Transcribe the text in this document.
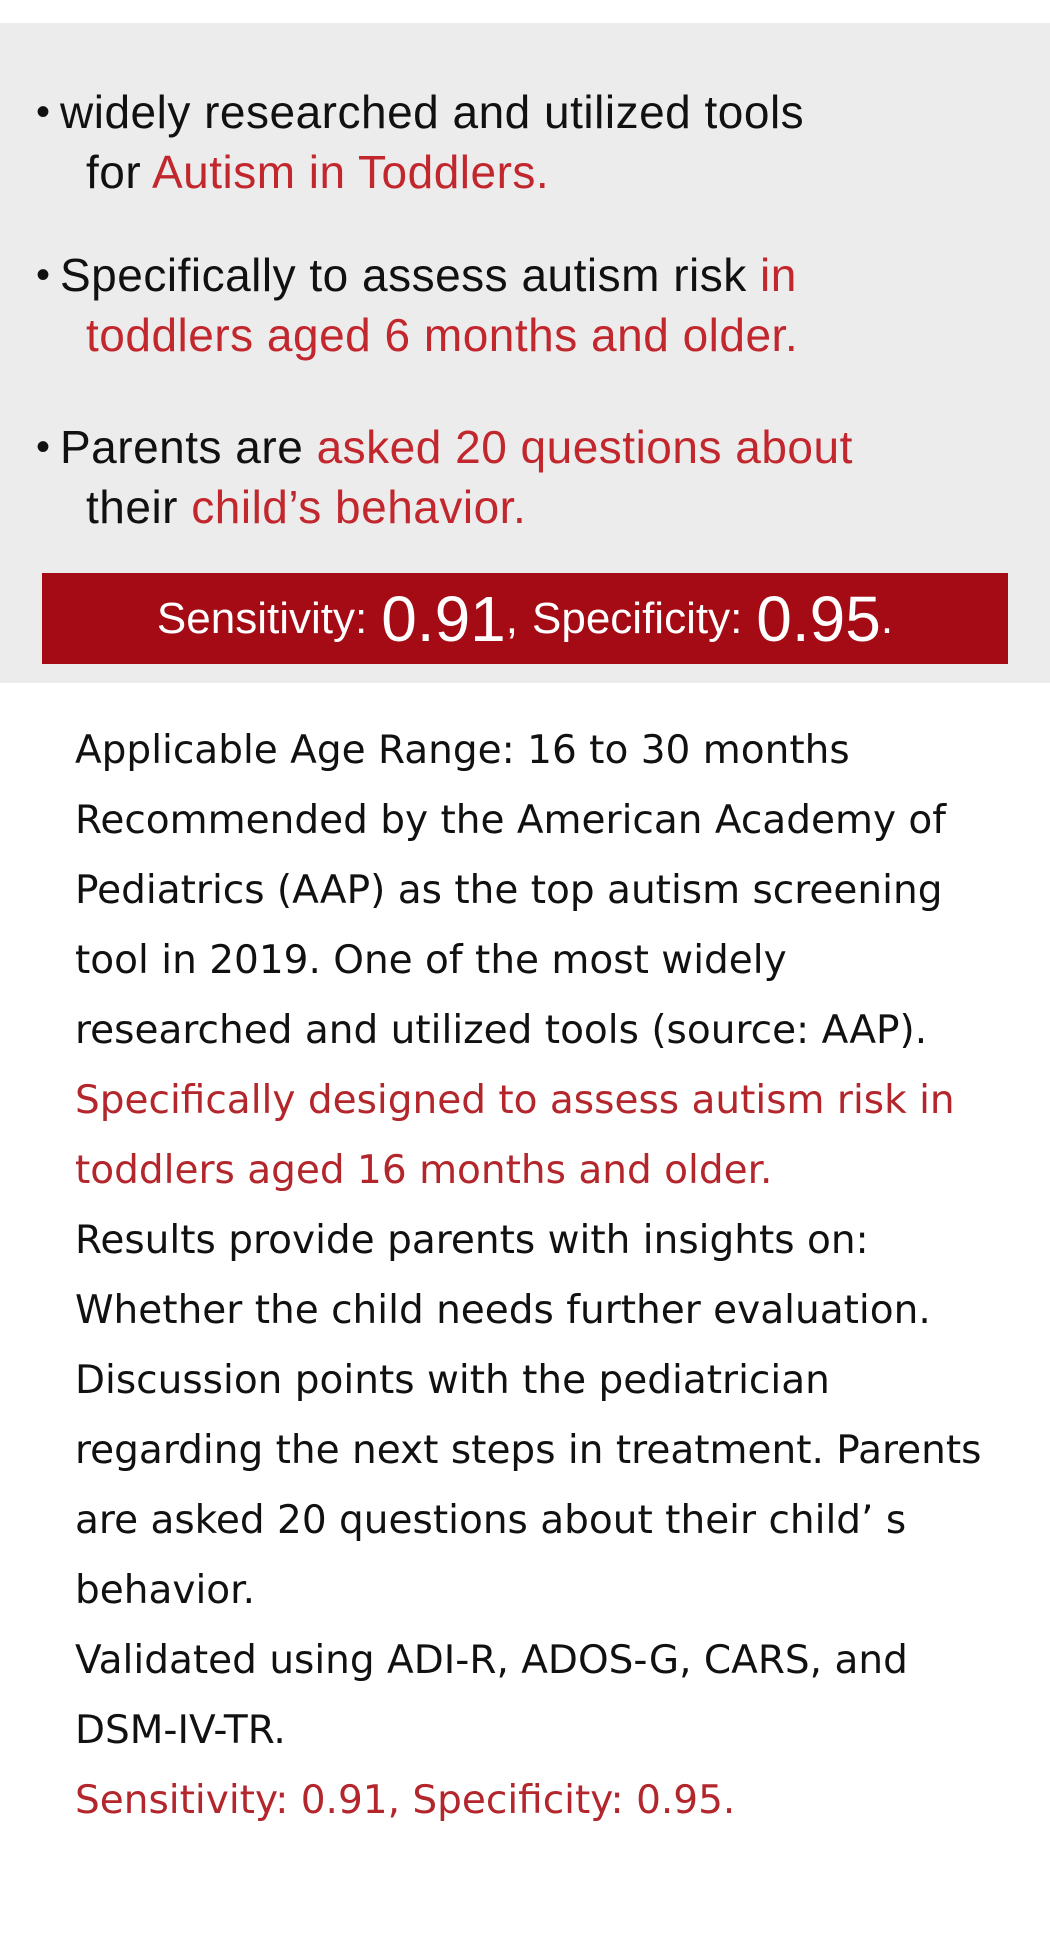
• widely researched and utilized tools
for Autism in Toddlers.
• Specifically to assess autism risk in
toddlers aged 6 months and older.
• Parents are asked 20 questions about
their child’s behavior.
Sensitivity: 0.91 , Specificity: 0.95 .

Applicable Age Range: 16 to 30 months

Recommended by the American Academy of Pediatrics (AAP) as the top autism screening tool in 2019. One of the most widely researched and utilized tools (source: AAP). Specifically designed to assess autism risk in toddlers aged 16 months and older.

Results provide parents with insights on: Whether the child needs further evaluation. Discussion points with the pediatrician regarding the next steps in treatment. Parents are asked 20 questions about their child’ s behavior.

Validated using ADI-R, ADOS-G, CARS, and DSM-IV-TR.

Sensitivity: 0.91, Specificity: 0.95.
